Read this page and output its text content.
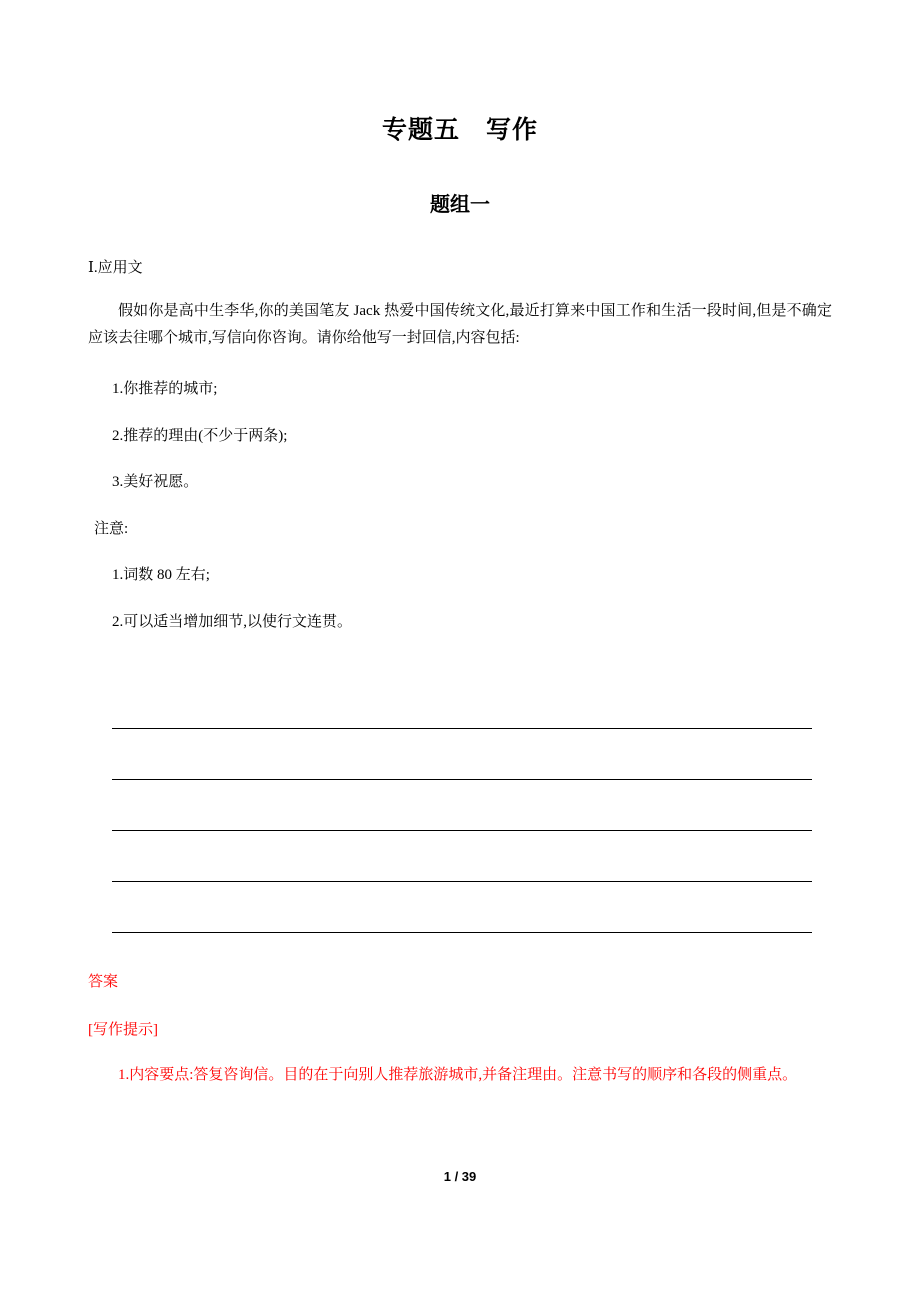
专题五　写作
题组一

Ⅰ.应用文

假如你是高中生李华,你的美国笔友 Jack 热爱中国传统文化,最近打算来中国工作和生活一段时间,但是不确定应该去往哪个城市,写信向你咨询。请你给他写一封回信,内容包括:

1.你推荐的城市;

2.推荐的理由(不少于两条);

3.美好祝愿。

注意:

1.词数 80 左右;

2.可以适当增加细节,以使行文连贯。

答案

[写作提示]

1.内容要点:答复咨询信。目的在于向别人推荐旅游城市,并备注理由。注意书写的顺序和各段的侧重点。

1 / 39
